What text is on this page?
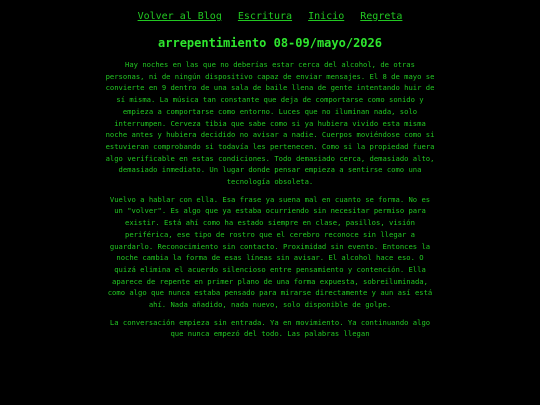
Volver al Blog Escritura Inicio Regreta
arrepentimiento 08-09/mayo/2026

Hay noches en las que no deberías estar cerca del alcohol, de otras personas, ni de ningún dispositivo capaz de enviar mensajes. El 8 de mayo se convierte en 9 dentro de una sala de baile llena de gente intentando huir de sí misma. La música tan constante que deja de comportarse como sonido y empieza a comportarse como entorno. Luces que no iluminan nada, solo interrumpen. Cerveza tibia que sabe como si ya hubiera vivido esta misma noche antes y hubiera decidido no avisar a nadie. Cuerpos moviéndose como si estuvieran comprobando si todavía les pertenecen. Como si la propiedad fuera algo verificable en estas condiciones. Todo demasiado cerca, demasiado alto, demasiado inmediato. Un lugar donde pensar empieza a sentirse como una tecnología obsoleta.

Vuelvo a hablar con ella. Esa frase ya suena mal en cuanto se forma. No es un "volver". Es algo que ya estaba ocurriendo sin necesitar permiso para existir. Está ahí como ha estado siempre en clase, pasillos, visión periférica, ese tipo de rostro que el cerebro reconoce sin llegar a guardarlo. Reconocimiento sin contacto. Proximidad sin evento. Entonces la noche cambia la forma de esas líneas sin avisar. El alcohol hace eso. O quizá elimina el acuerdo silencioso entre pensamiento y contención. Ella aparece de repente en primer plano de una forma expuesta, sobreiluminada, como algo que nunca estaba pensado para mirarse directamente y aun así está ahí. Nada añadido, nada nuevo, solo disponible de golpe.

La conversación empieza sin entrada. Ya en movimiento. Ya continuando algo que nunca empezó del todo. Las palabras llegan
